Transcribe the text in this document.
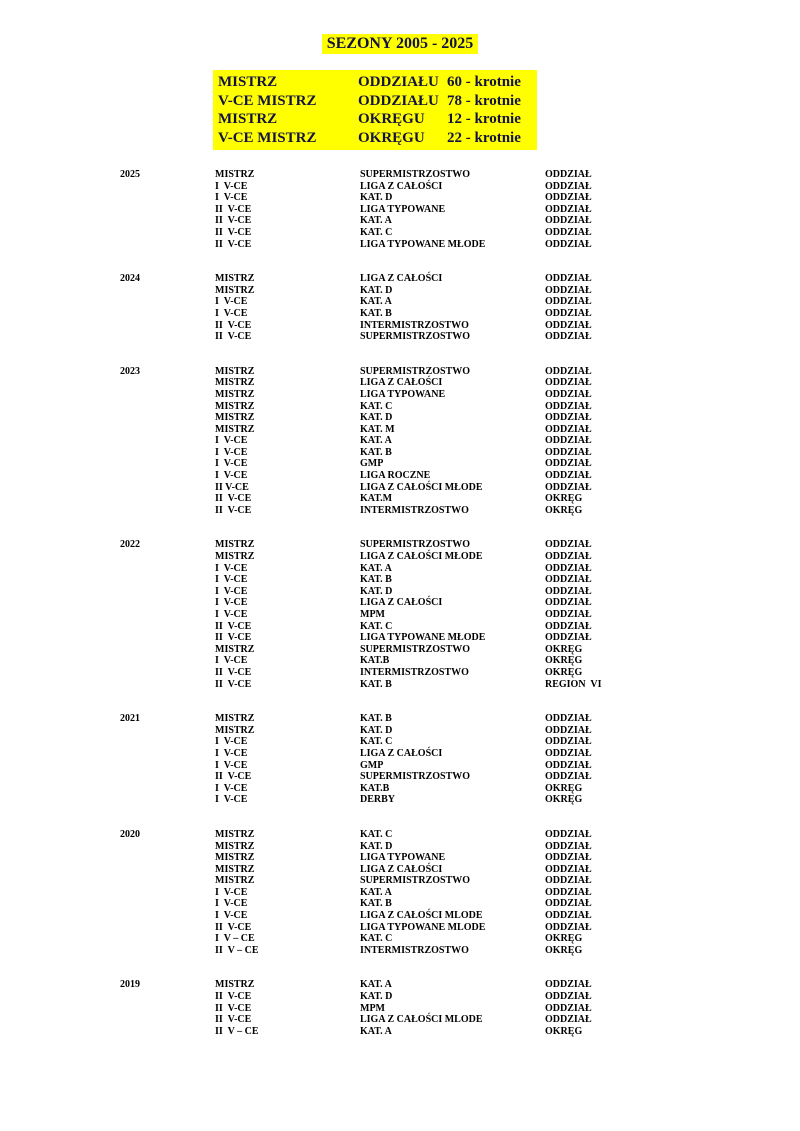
SEZONY 2005 - 2025
MISTRZ	ODDZIAŁU 60 - krotnie
V-CE MISTRZ	ODDZIAŁU 78 - krotnie
MISTRZ	OKRĘGU	12 - krotnie
V-CE MISTRZ	OKRĘGU	22 - krotnie
2025	MISTRZ	SUPERMISTRZOSTWO	ODDZIAŁ
I  V-CE	LIGA Z CAŁOŚCI	ODDZIAŁ
I  V-CE	KAT. D	ODDZIAŁ
II  V-CE	LIGA TYPOWANE	ODDZIAŁ
II  V-CE	KAT. A	ODDZIAŁ
II  V-CE	KAT. C	ODDZIAŁ
II  V-CE	LIGA TYPOWANE MŁODE	ODDZIAŁ
2024	MISTRZ	LIGA Z CAŁOŚCI	ODDZIAŁ
MISTRZ	KAT. D	ODDZIAŁ
I  V-CE	KAT. A	ODDZIAŁ
I  V-CE	KAT. B	ODDZIAŁ
II  V-CE	INTERMISTRZOSTWO	ODDZIAŁ
II  V-CE	SUPERMISTRZOSTWO	ODDZIAŁ
2023	MISTRZ	SUPERMISTRZOSTWO	ODDZIAŁ
MISTRZ	LIGA Z CAŁOŚCI	ODDZIAŁ
MISTRZ	LIGA TYPOWANE	ODDZIAŁ
MISTRZ	KAT. C	ODDZIAŁ
MISTRZ	KAT. D	ODDZIAŁ
MISTRZ	KAT. M	ODDZIAŁ
I  V-CE	KAT. A	ODDZIAŁ
I  V-CE	KAT. B	ODDZIAŁ
I  V-CE	GMP	ODDZIAŁ
I  V-CE	LIGA ROCZNE	ODDZIAŁ
II V-CE	LIGA Z CAŁOŚCI MŁODE	ODDZIAŁ
II  V-CE	KAT.M	OKRĘG
II  V-CE	INTERMISTRZOSTWO	OKRĘG
2022	MISTRZ	SUPERMISTRZOSTWO	ODDZIAŁ
MISTRZ	LIGA Z CAŁOŚCI MŁODE	ODDZIAŁ
I  V-CE	KAT. A	ODDZIAŁ
I  V-CE	KAT. B	ODDZIAŁ
I  V-CE	KAT. D	ODDZIAŁ
I  V-CE	LIGA Z CAŁOŚCI	ODDZIAŁ
I  V-CE	MPM	ODDZIAŁ
II  V-CE	KAT. C	ODDZIAŁ
II  V-CE	LIGA TYPOWANE MŁODE	ODDZIAŁ
MISTRZ	SUPERMISTRZOSTWO	OKRĘG
I  V-CE	KAT.B	OKRĘG
II  V-CE	INTERMISTRZOSTWO	OKRĘG
II  V-CE	KAT. B	REGION  VI
2021	MISTRZ	KAT. B	ODDZIAŁ
MISTRZ	KAT. D	ODDZIAŁ
I  V-CE	KAT. C	ODDZIAŁ
I  V-CE	LIGA Z CAŁOŚCI	ODDZIAŁ
I  V-CE	GMP	ODDZIAŁ
II  V-CE	SUPERMISTRZOSTWO	ODDZIAŁ
I  V-CE	KAT.B	OKRĘG
I  V-CE	DERBY	OKRĘG
2020	MISTRZ	KAT. C	ODDZIAŁ
MISTRZ	KAT. D	ODDZIAŁ
MISTRZ	LIGA TYPOWANE	ODDZIAŁ
MISTRZ	LIGA Z CAŁOŚCI	ODDZIAŁ
MISTRZ	SUPERMISTRZOSTWO	ODDZIAŁ
I  V-CE	KAT. A	ODDZIAŁ
I  V-CE	KAT. B	ODDZIAŁ
I  V-CE	LIGA Z CAŁOŚCI MLODE	ODDZIAŁ
II  V-CE	LIGA TYPOWANE MLODE	ODDZIAŁ
I  V – CE	KAT. C	OKRĘG
II  V – CE	INTERMISTRZOSTWO	OKRĘG
2019	MISTRZ	KAT. A	ODDZIAŁ
II  V-CE	KAT. D	ODDZIAŁ
II  V-CE	MPM	ODDZIAŁ
II  V-CE	LIGA Z CAŁOŚCI MLODE	ODDZIAŁ
II  V – CE	KAT. A	OKRĘG
